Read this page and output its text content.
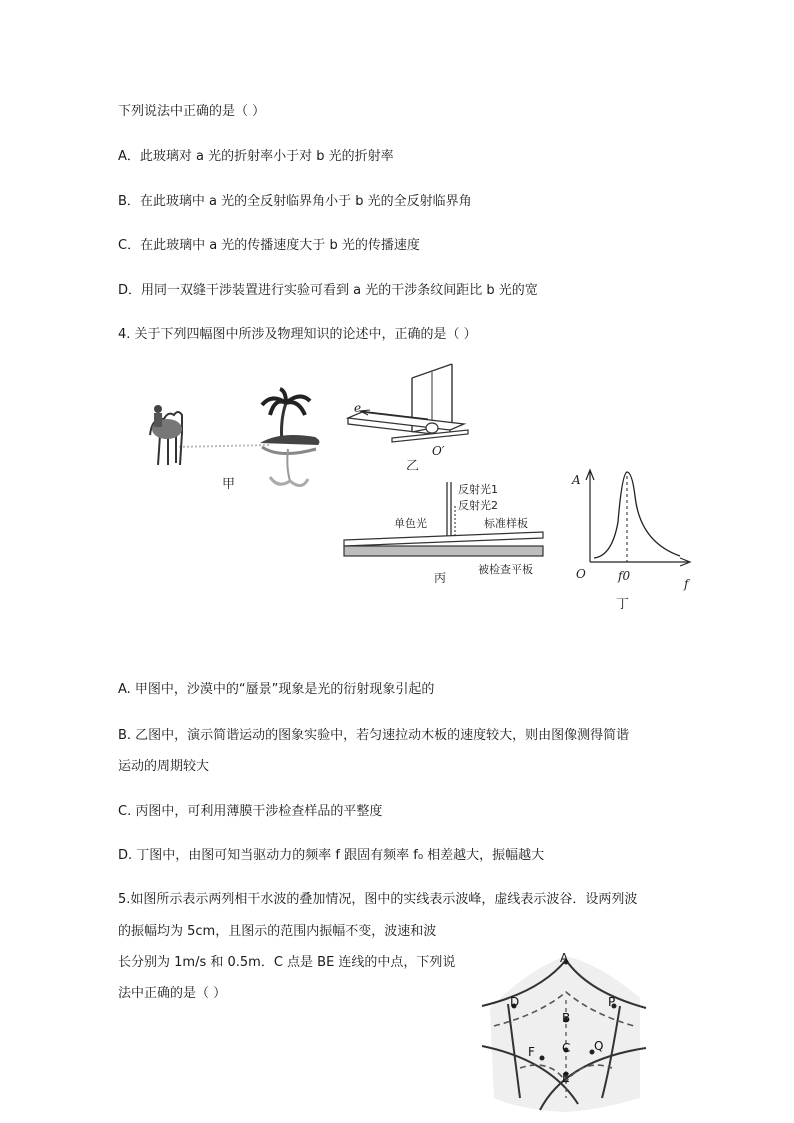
下列说法中正确的是（ ）
A．此玻璃对 a 光的折射率小于对 b 光的折射率
B．在此玻璃中 a 光的全反射临界角小于 b 光的全反射临界角
C．在此玻璃中 a 光的传播速度大于 b 光的传播速度
D．用同一双缝干涉装置进行实验可看到 a 光的干涉条纹间距比 b 光的宽
4. 关于下列四幅图中所涉及物理知识的论述中，正确的是（ ）
甲
e
O′
乙
反射光1
反射光2
单色光	标准样板
丙
被检查平板
A
O	f0
f
丁
A. 甲图中，沙漠中的“蜃景”现象是光的衍射现象引起的
B. 乙图中，演示简谐运动的图象实验中，若匀速拉动木板的速度较大，则由图像测得简谐
运动的周期较大
C. 丙图中，可利用薄膜干涉检查样品的平整度
D. 丁图中，由图可知当驱动力的频率 f 跟固有频率 f₀ 相差越大，振幅越大
5.如图所示表示两列相干水波的叠加情况，图中的实线表示波峰，虚线表示波谷．设两列波
的振幅均为 5cm，且图示的范围内振幅不变，波速和波
长分别为 1m/s 和 0.5m．C 点是 BE 连线的中点，下列说
法中正确的是（ ）
A
B
C
D
E
F
P
Q
